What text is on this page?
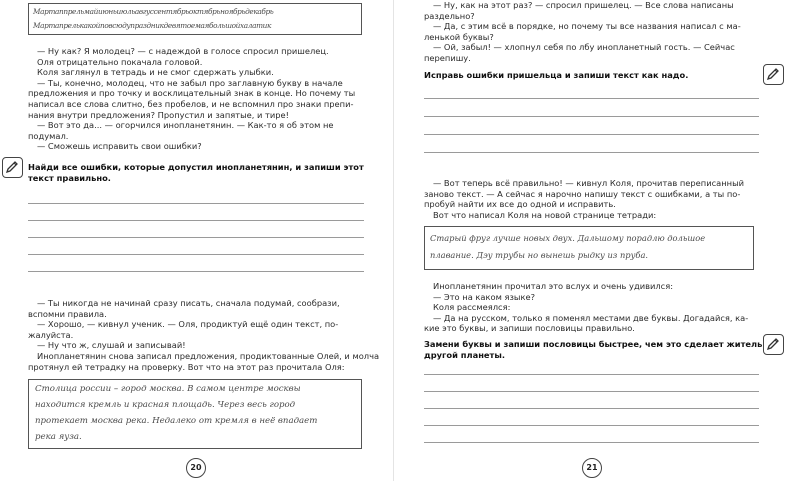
Мартаппрельмайиюньиюльавгуссентябрьоктябрьноябрьдекабрь
Мартапрелькакойповсюдупраздникдевятоемаябольшойхалатик

— Ну как? Я молодец? — с надеждой в голосе спросил пришелец.

Оля отрицательно покачала головой.

Коля заглянул в тетрадь и не смог сдержать улыбки.

— Ты, конечно, молодец, что не забыл про заглавную букву в начале

предложения и про точку и восклицательный знак в конце. Но почему ты

написал все слова слитно, без пробелов, и не вспомнил про знаки препи-

нания внутри предложения? Пропустил и запятые, и тире!

— Вот это да... — огорчился инопланетянин. — Как-то я об этом не

подумал.

— Сможешь исправить свои ошибки?

Найди все ошибки, которые допустил инопланетянин, и запиши этот

текст правильно.

— Ты никогда не начинай сразу писать, сначала подумай, сообрази,

вспомни правила.

— Хорошо, — кивнул ученик. — Оля, продиктуй ещё один текст, по-

жалуйста.

— Ну что ж, слушай и записывай!

Инопланетянин снова записал предложения, продиктованные Олей, и молча

протянул ей тетрадку на проверку. Вот что на этот раз прочитала Оля:

Столица россии – город москва. В самом центре москвы
находится кремль и красная площадь. Через весь город
протекает москва река. Недалеко от кремля в неё впадает
река яуза.
20

— Ну, как на этот раз? — спросил пришелец. — Все слова написаны

раздельно?

— Да, с этим всё в порядке, но почему ты все названия написал с ма-

ленькой буквы?

— Ой, забыл! — хлопнул себя по лбу инопланетный гость. — Сейчас

перепишу.

Исправь ошибки пришельца и запиши текст как надо.

— Вот теперь всё правильно! — кивнул Коля, прочитав переписанный

заново текст. — А сейчас я нарочно напишу текст с ошибками, а ты по-

пробуй найти их все до одной и исправить.

Вот что написал Коля на новой странице тетради:

Старый фруг лучше новых двух. Дальшому порадлю дольшое
плавание. Дэу трубы но вынешь рыдку из пруба.

Инопланетянин прочитал это вслух и очень удивился:

— Это на каком языке?

Коля рассмеялся:

— Да на русском, только я поменял местами две буквы. Догадайся, ка-

кие это буквы, и запиши пословицы правильно.

Замени буквы и запиши пословицы быстрее, чем это сделает житель

другой планеты.

21
